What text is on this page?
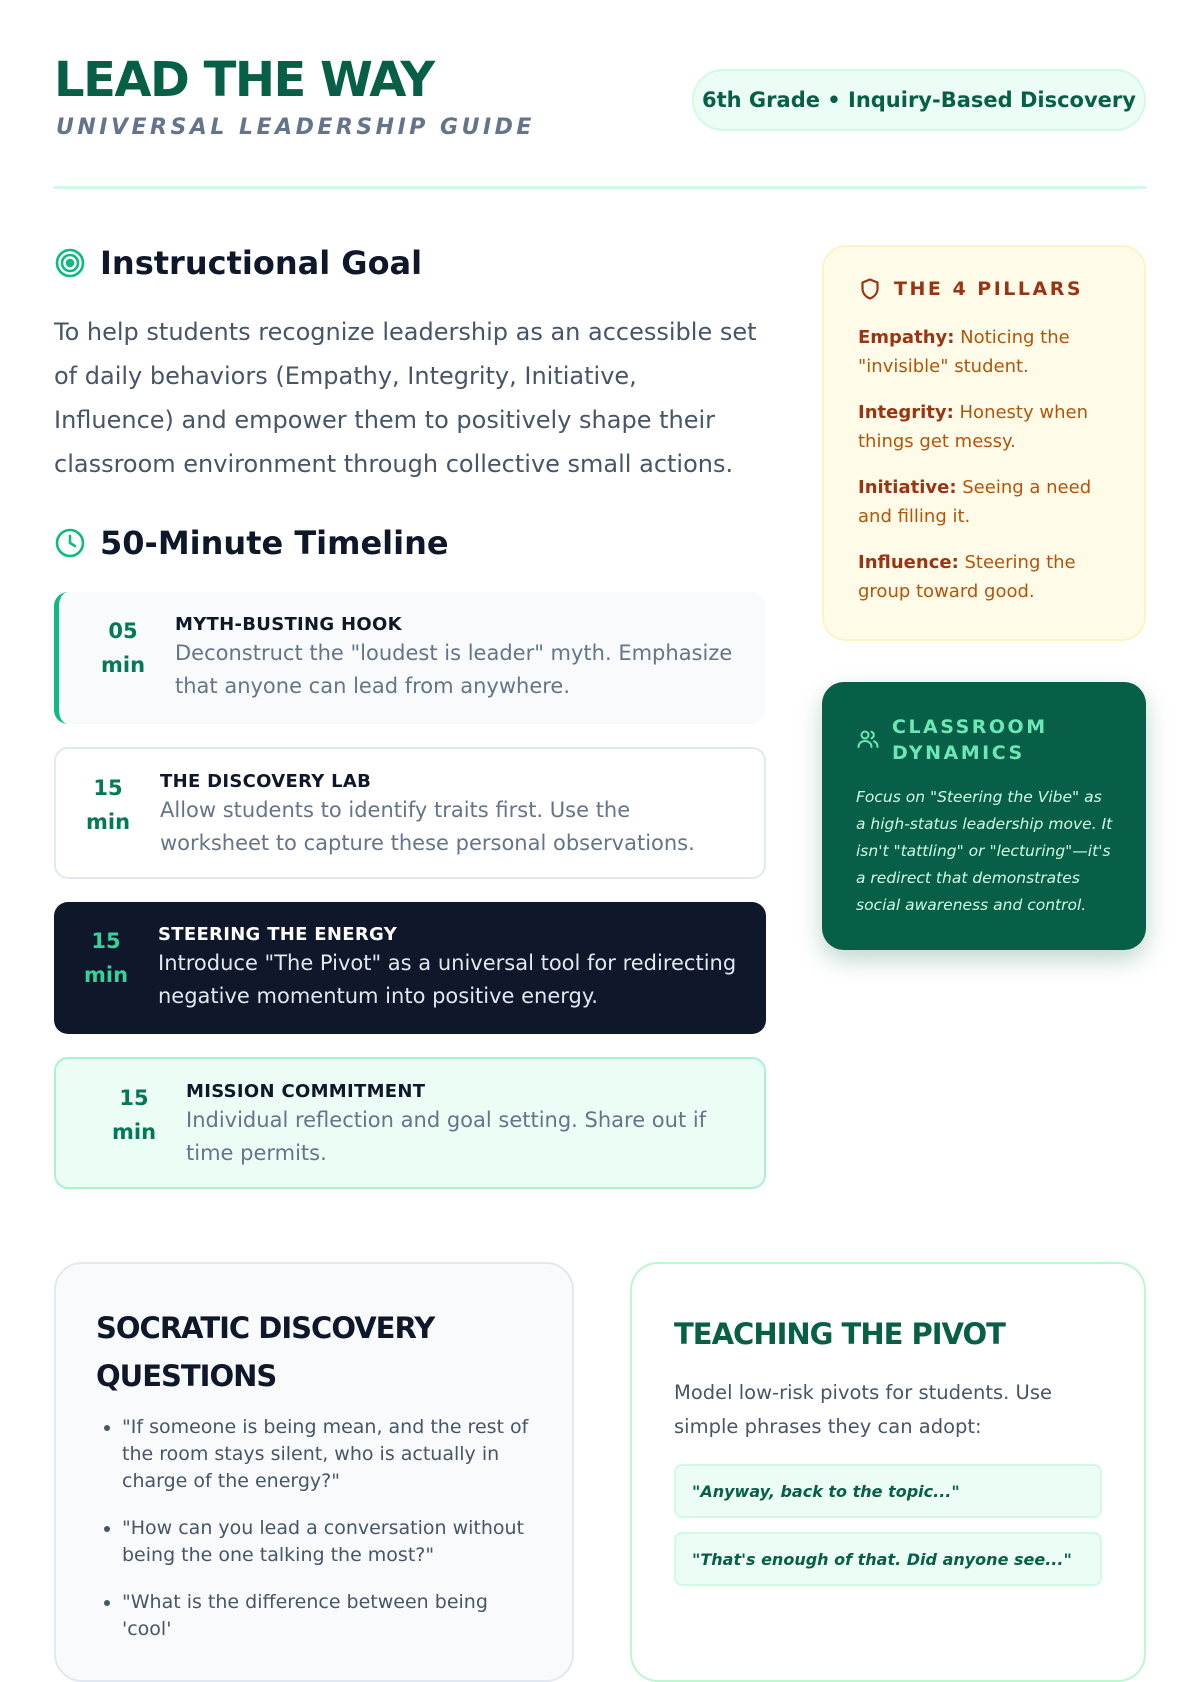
LEAD THE WAY
UNIVERSAL LEADERSHIP GUIDE
6th Grade • Inquiry-Based Discovery
Instructional Goal

To help students recognize leadership as an accessible set of daily behaviors (Empathy, Integrity, Initiative, Influence) and empower them to positively shape their classroom environment through collective small actions.

50-Minute Timeline
05
min
MYTH-BUSTING HOOK
Deconstruct the "loudest is leader" myth. Emphasize that anyone can lead from anywhere.
15
min
THE DISCOVERY LAB
Allow students to identify traits first. Use the worksheet to capture these personal observations.
15
min
STEERING THE ENERGY
Introduce "The Pivot" as a universal tool for redirecting negative momentum into positive energy.
15
min
MISSION COMMITMENT
Individual reflection and goal setting. Share out if time permits.
THE 4 PILLARS
Empathy: Noticing the "invisible" student.
Integrity: Honesty when things get messy.
Initiative: Seeing a need and filling it.
Influence: Steering the group toward good.
CLASSROOM DYNAMICS
Focus on "Steering the Vibe" as a high-status leadership move. It isn't "tattling" or "lecturing"—it's a redirect that demonstrates social awareness and control.
SOCRATIC DISCOVERY QUESTIONS
• "If someone is being mean, and the rest of the room stays silent, who is actually in charge of the energy?"
• "How can you lead a conversation without being the one talking the most?"
• "What is the difference between being 'cool'
TEACHING THE PIVOT

Model low-risk pivots for students. Use simple phrases they can adopt:

"Anyway, back to the topic..."
"That's enough of that. Did anyone see..."
